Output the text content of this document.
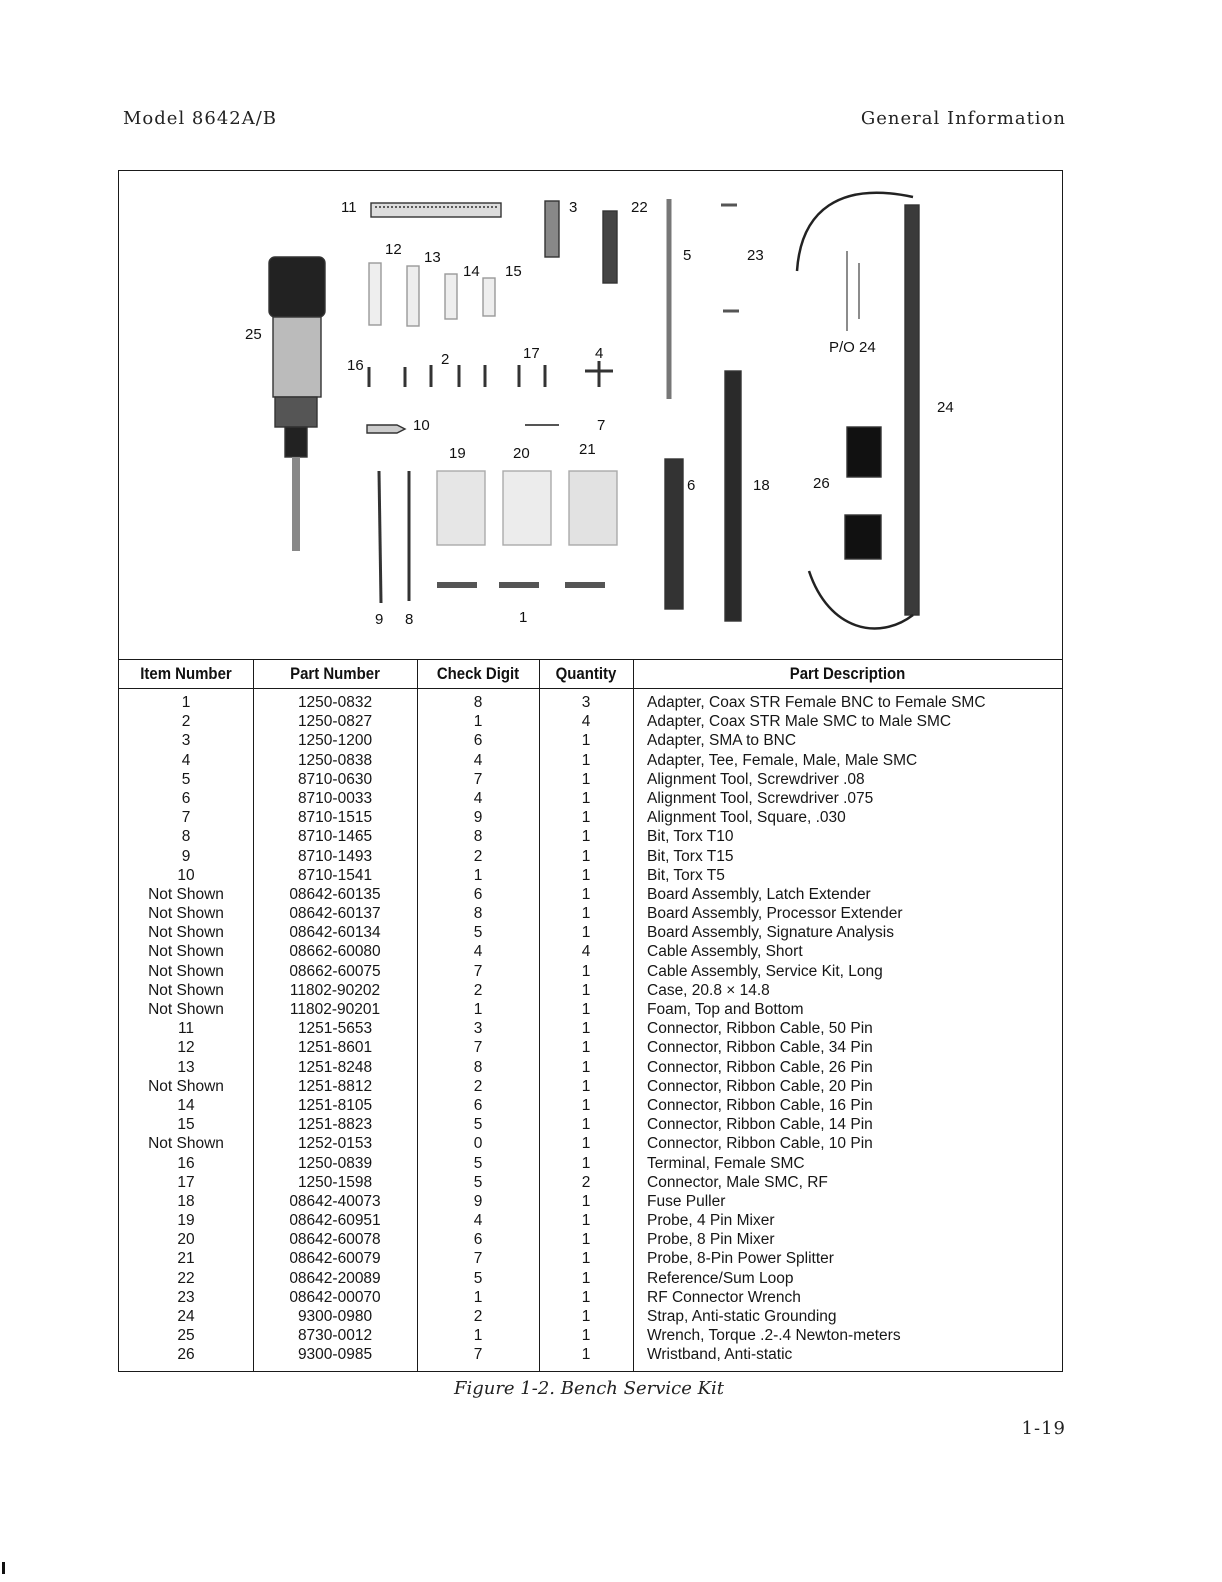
Model 8642A/B	General Information
11	3	22
12 13
14 15
5	23
25
16	2	17	4	P/O 24
24
10	7
19	20	21
6	18	26
9 8	1
Item Number	Part Number	Check Digit	Quantity	Part Description
1	1250-0832	8	3	Adapter, Coax STR Female BNC to Female SMC
2	1250-0827	1	4	Adapter, Coax STR Male SMC to Male SMC
3	1250-1200	6	1	Adapter, SMA to BNC
4	1250-0838	4	1	Adapter, Tee, Female, Male, Male SMC
5	8710-0630	7	1	Alignment Tool, Screwdriver .08
6	8710-0033	4	1	Alignment Tool, Screwdriver .075
7	8710-1515	9	1	Alignment Tool, Square, .030
8	8710-1465	8	1	Bit, Torx T10
9	8710-1493	2	1	Bit, Torx T15
10	8710-1541	1	1	Bit, Torx T5
Not Shown	08642-60135	6	1	Board Assembly, Latch Extender
Not Shown	08642-60137	8	1	Board Assembly, Processor Extender
Not Shown	08642-60134	5	1	Board Assembly, Signature Analysis
Not Shown	08662-60080	4	4	Cable Assembly, Short
Not Shown	08662-60075	7	1	Cable Assembly, Service Kit, Long
Not Shown	11802-90202	2	1	Case, 20.8 × 14.8
Not Shown	11802-90201	1	1	Foam, Top and Bottom
11	1251-5653	3	1	Connector, Ribbon Cable, 50 Pin
12	1251-8601	7	1	Connector, Ribbon Cable, 34 Pin
13	1251-8248	8	1	Connector, Ribbon Cable, 26 Pin
Not Shown	1251-8812	2	1	Connector, Ribbon Cable, 20 Pin
14	1251-8105	6	1	Connector, Ribbon Cable, 16 Pin
15	1251-8823	5	1	Connector, Ribbon Cable, 14 Pin
Not Shown	1252-0153	0	1	Connector, Ribbon Cable, 10 Pin
16	1250-0839	5	1	Terminal, Female SMC
17	1250-1598	5	2	Connector, Male SMC, RF
18	08642-40073	9	1	Fuse Puller
19	08642-60951	4	1	Probe, 4 Pin Mixer
20	08642-60078	6	1	Probe, 8 Pin Mixer
21	08642-60079	7	1	Probe, 8-Pin Power Splitter
22	08642-20089	5	1	Reference/Sum Loop
23	08642-00070	1	1	RF Connector Wrench
24	9300-0980	2	1	Strap, Anti-static Grounding
25	8730-0012	1	1	Wrench, Torque .2-.4 Newton-meters
26	9300-0985	7	1	Wristband, Anti-static
Figure 1-2. Bench Service Kit
1-19
